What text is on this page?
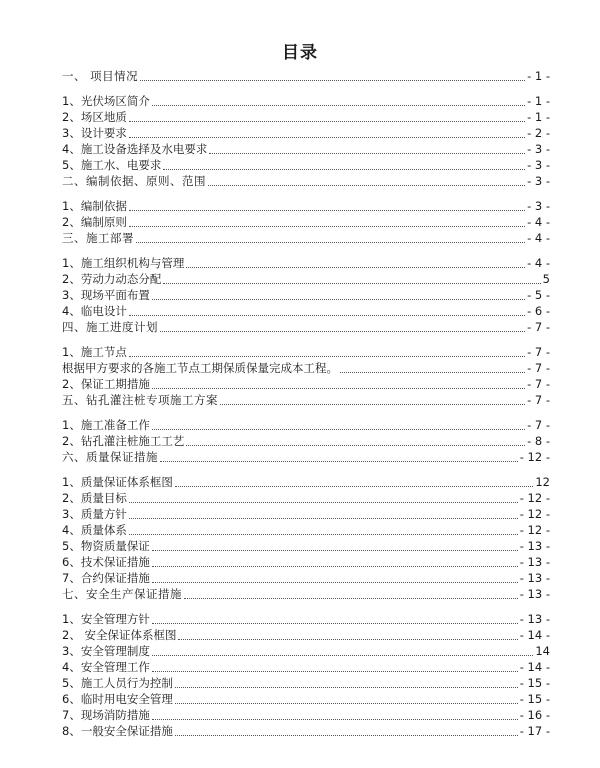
目录
一、 项目情况	- 1 -
1、光伏场区简介	- 1 -
2、场区地质	- 1 -
3、设计要求	- 2 -
4、施工设备选择及水电要求	- 3 -
5、施工水、电要求	- 3 -
二、编制依据、原则、范围	- 3 -
1、编制依据	- 3 -
2、编制原则	- 4 -
三、施工部署	- 4 -
1、施工组织机构与管理	- 4 -
2、劳动力动态分配	5
3、现场平面布置	- 5 -
4、临电设计	- 6 -
四、施工进度计划	- 7 -
1、施工节点	- 7 -
根据甲方要求的各施工节点工期保质保量完成本工程。	- 7 -
2、保证工期措施	- 7 -
五、钻孔灌注桩专项施工方案	- 7 -
1、施工准备工作	- 7 -
2、钻孔灌注桩施工工艺	- 8 -
六、质量保证措施	- 12 -
1、质量保证体系框图	12
2、质量目标	- 12 -
3、质量方针	- 12 -
4、质量体系	- 12 -
5、物资质量保证	- 13 -
6、技术保证措施	- 13 -
7、合约保证措施	- 13 -
七、安全生产保证措施	- 13 -
1、安全管理方针	- 13 -
2、 安全保证体系框图	- 14 -
3、安全管理制度	14
4、安全管理工作	- 14 -
5、施工人员行为控制	- 15 -
6、临时用电安全管理	- 15 -
7、现场消防措施	- 16 -
8、一般安全保证措施	- 17 -
